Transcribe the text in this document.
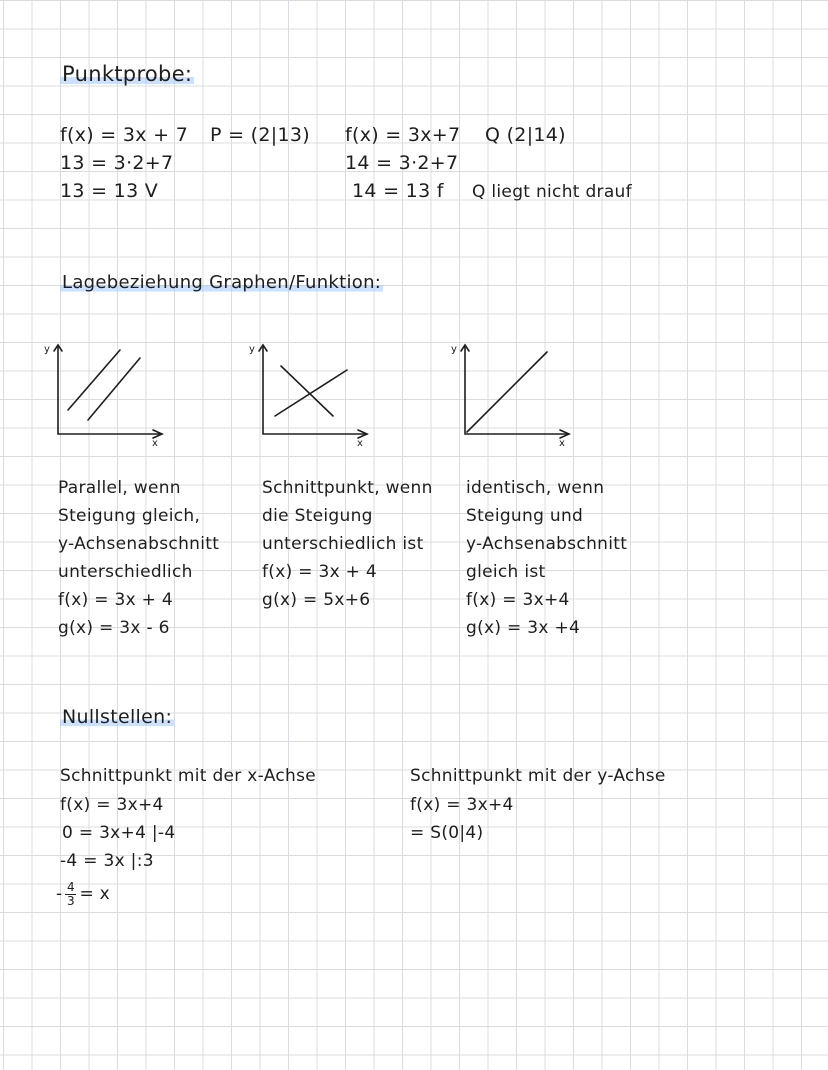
Punktprobe:
f(x) = 3x + 7
13 = 3·2+7
13 = 13 V
P = (2|13) f(x) = 3x+7
14 = 3·2+7
14 = 13 f
Q (2|14)
Q liegt nicht drauf
Lagebeziehung Graphen/Funktion:
y
x
y
x
y
x
Parallel, wenn
Steigung gleich,
y-Achsenabschnitt
unterschiedlich
f(x) = 3x + 4
g(x) = 3x - 6
Schnittpunkt, wenn
die Steigung
unterschiedlich ist
f(x) = 3x + 4
g(x) = 5x+6
identisch, wenn
Steigung und
y-Achsenabschnitt
gleich ist
f(x) = 3x+4
g(x) = 3x +4
Nullstellen:
Schnittpunkt mit der x-Achse
f(x) = 3x+4
0 = 3x+4 |-4
-4 = 3x |:3
- $\frac{4}{3} = x$
Schnittpunkt mit der y-Achse
f(x) = 3x+4
= S(0|4)
